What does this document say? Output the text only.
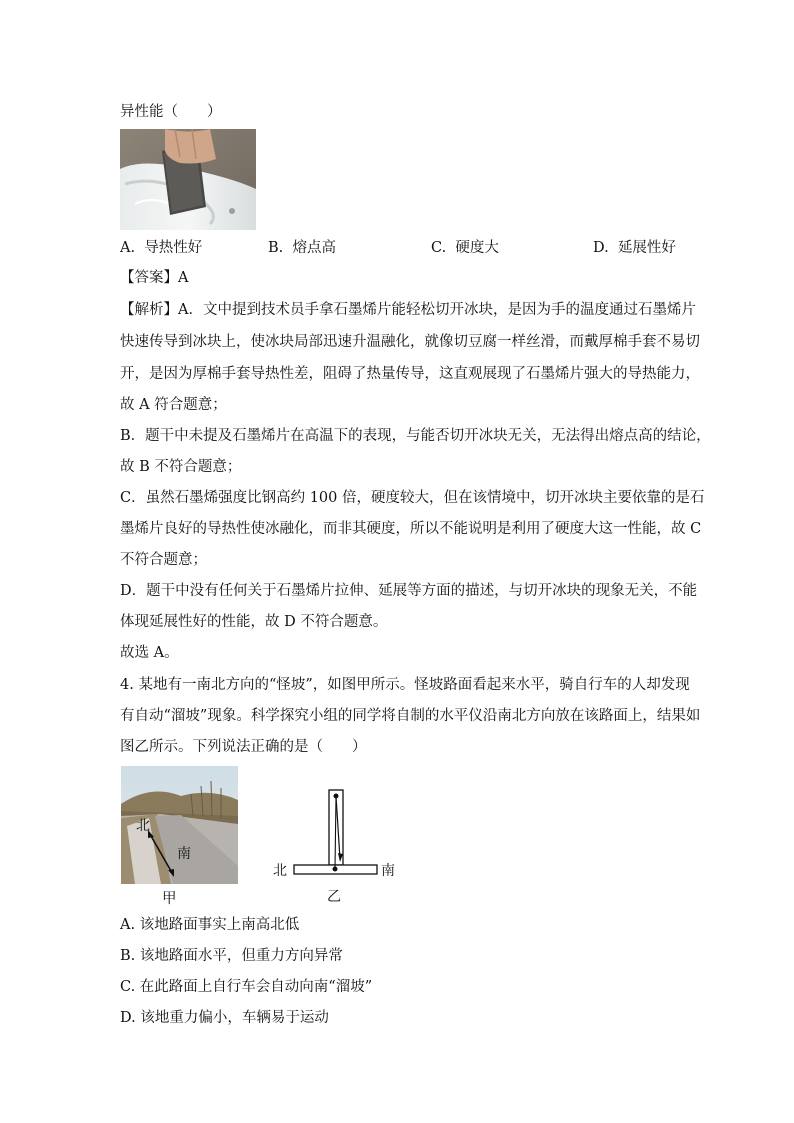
异性能（　　）
A. 导热性好	B. 熔点高	C. 硬度大	D. 延展性好
【答案】A
【解析】A．文中提到技术员手拿石墨烯片能轻松切开冰块，是因为手的温度通过石墨烯片
快速传导到冰块上，使冰块局部迅速升温融化，就像切豆腐一样丝滑，而戴厚棉手套不易切
开，是因为厚棉手套导热性差，阻碍了热量传导，这直观展现了石墨烯片强大的导热能力，
故 A 符合题意；
B．题干中未提及石墨烯片在高温下的表现，与能否切开冰块无关，无法得出熔点高的结论，
故 B 不符合题意；
C．虽然石墨烯强度比钢高约 100 倍，硬度较大，但在该情境中，切开冰块主要依靠的是石
墨烯片良好的导热性使冰融化，而非其硬度，所以不能说明是利用了硬度大这一性能，故 C
不符合题意；
D．题干中没有任何关于石墨烯片拉伸、延展等方面的描述，与切开冰块的现象无关，不能
体现延展性好的性能，故 D 不符合题意。
故选 A。
4. 某地有一南北方向的“怪坡”，如图甲所示。怪坡路面看起来水平，骑自行车的人却发现
有自动“溜坡”现象。科学探究小组的同学将自制的水平仪沿南北方向放在该路面上，结果如
图乙所示。下列说法正确的是（　　）
北
南
甲
北	南
乙
A. 该地路面事实上南高北低
B. 该地路面水平，但重力方向异常
C. 在此路面上自行车会自动向南“溜坡”
D. 该地重力偏小，车辆易于运动
